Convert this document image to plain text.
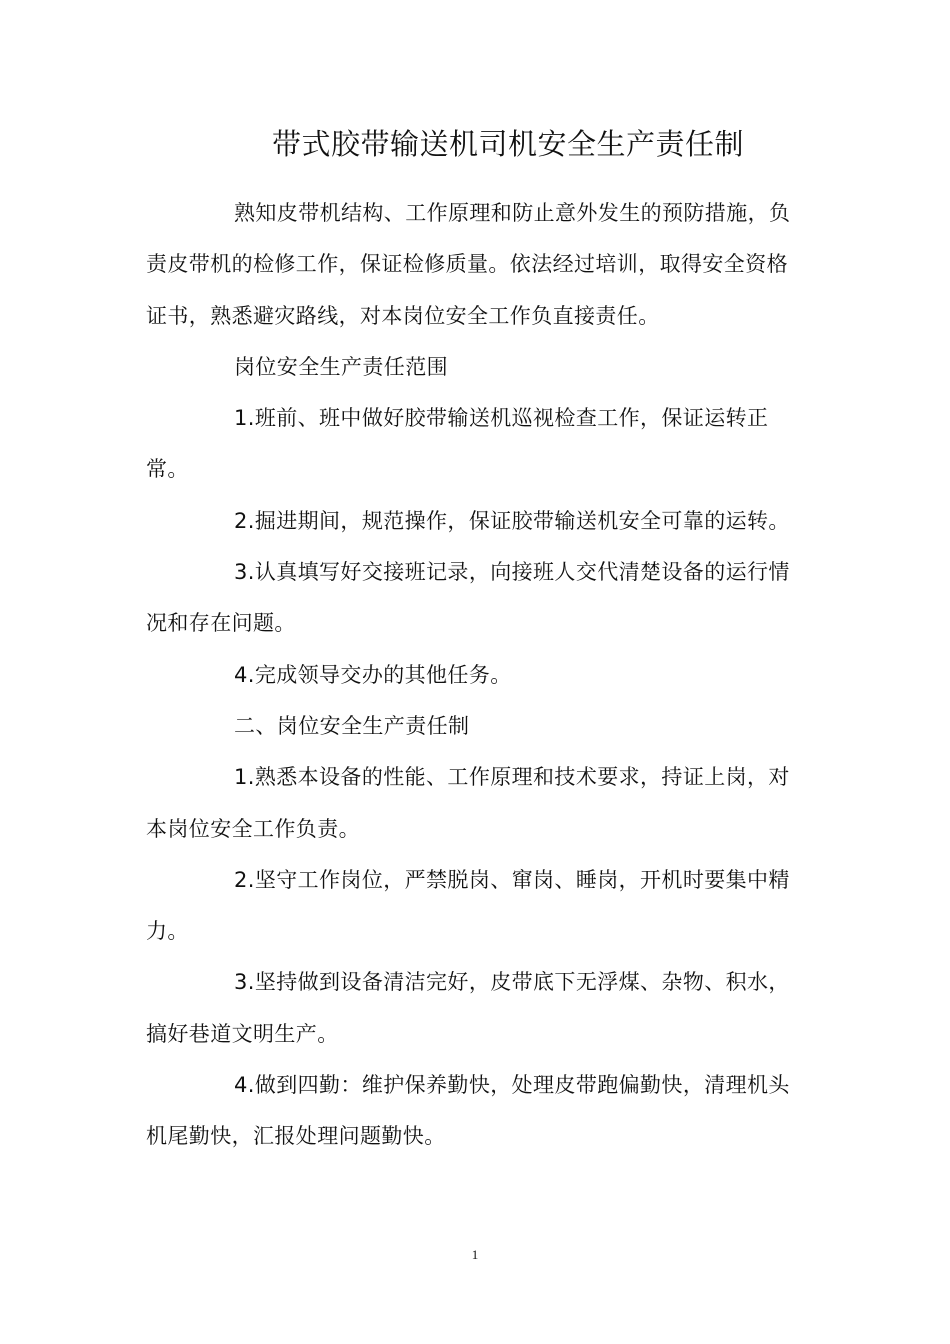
带式胶带输送机司机安全生产责任制

熟知皮带机结构、工作原理和防止意外发生的预防措施，负责皮带机的检修工作，保证检修质量。依法经过培训，取得安全资格证书，熟悉避灾路线，对本岗位安全工作负直接责任。

岗位安全生产责任范围

1.班前、班中做好胶带输送机巡视检查工作，保证运转正常。

2.掘进期间，规范操作，保证胶带输送机安全可靠的运转。

3.认真填写好交接班记录，向接班人交代清楚设备的运行情况和存在问题。

4.完成领导交办的其他任务。

二、岗位安全生产责任制

1.熟悉本设备的性能、工作原理和技术要求，持证上岗，对本岗位安全工作负责。

2.坚守工作岗位，严禁脱岗、窜岗、睡岗，开机时要集中精力。

3.坚持做到设备清洁完好，皮带底下无浮煤、杂物、积水，搞好巷道文明生产。

4.做到四勤：维护保养勤快，处理皮带跑偏勤快，清理机头机尾勤快，汇报处理问题勤快。

1
